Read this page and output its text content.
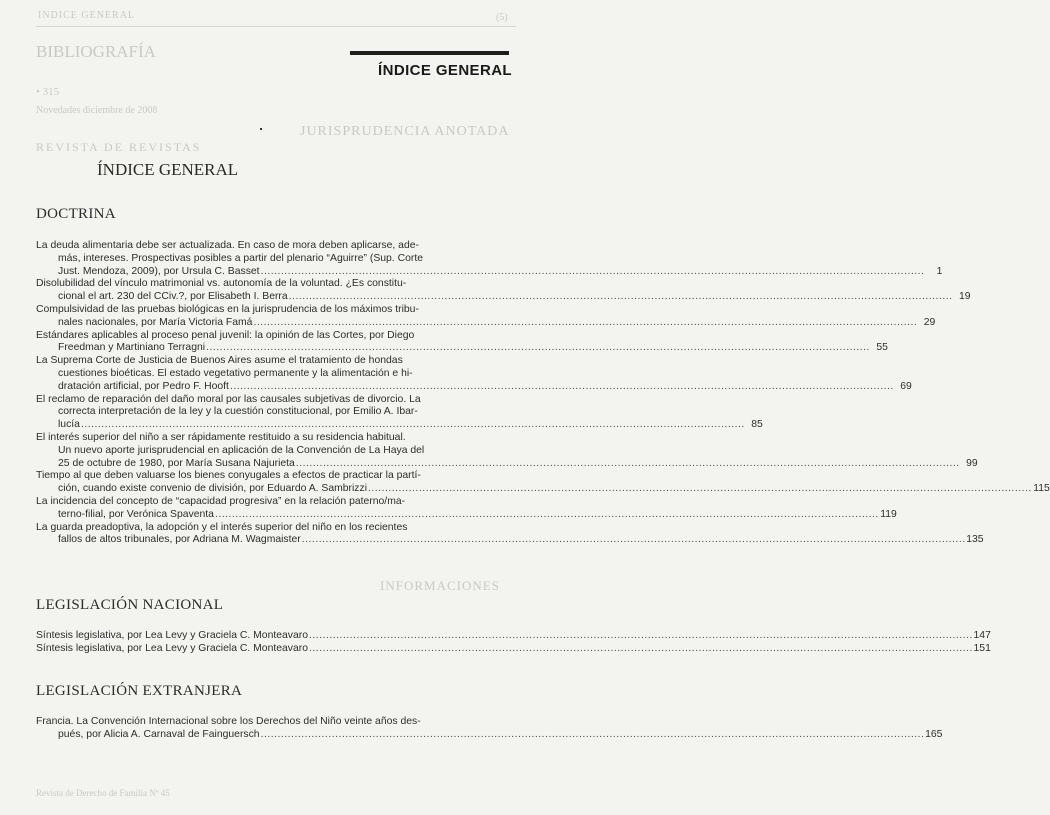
INDICE GENERAL	(5)
BIBLIOGRAFÍA
• 315
Novedades diciembre de 2008
JURISPRUDENCIA ANOTADA
REVISTA DE REVISTAS
INFORMACIONES
Revista de Derecho de Familia Nº 45
ÍNDICE GENERAL
ÍNDICE GENERAL
DOCTRINA
La deuda alimentaria debe ser actualizada. En caso de mora deben aplicarse, ade-
más, intereses. Prospectivas posibles a partir del plenario “Aguirre” (Sup. Corte
Just. Mendoza, 2009), por Ursula C. Basset .....	1
Disolubilidad del vínculo matrimonial vs. autonomía de la voluntad. ¿Es constitu-
cional el art. 230 del CCiv.?, por Elisabeth I. Berra .....	19
Compulsividad de las pruebas biológicas en la jurisprudencia de los máximos tribu-
nales nacionales, por María Victoria Famá .....	29
Estándares aplicables al proceso penal juvenil: la opinión de las Cortes, por Diego
Freedman y Martiniano Terragni .....	55
La Suprema Corte de Justicia de Buenos Aires asume el tratamiento de hondas
cuestiones bioéticas. El estado vegetativo permanente y la alimentación e hi-
dratación artificial, por Pedro F. Hooft .....	69
El reclamo de reparación del daño moral por las causales subjetivas de divorcio. La
correcta interpretación de la ley y la cuestión constitucional, por Emilio A. Ibar-
lucía .....	85
El interés superior del niño a ser rápidamente restituido a su residencia habitual.
Un nuevo aporte jurisprudencial en aplicación de la Convención de La Haya del
25 de octubre de 1980, por María Susana Najurieta .....	99
Tiempo al que deben valuarse los bienes conyugales a efectos de practicar la partí-
ción, cuando existe convenio de división, por Eduardo A. Sambrizzi .....	115
La incidencia del concepto de “capacidad progresiva” en la relación paterno/ma-
terno-filial, por Verónica Spaventa .....	119
La guarda preadoptiva, la adopción y el interés superior del niño en los recientes
fallos de altos tribunales, por Adriana M. Wagmaister .....	135
LEGISLACIÓN NACIONAL
Síntesis legislativa, por Lea Levy y Graciela C. Monteavaro .....	147
Síntesis legislativa, por Lea Levy y Graciela C. Monteavaro .....	151
LEGISLACIÓN EXTRANJERA
Francia. La Convención Internacional sobre los Derechos del Niño veinte años des-
pués, por Alicia A. Carnaval de Fainguersch .....	165
